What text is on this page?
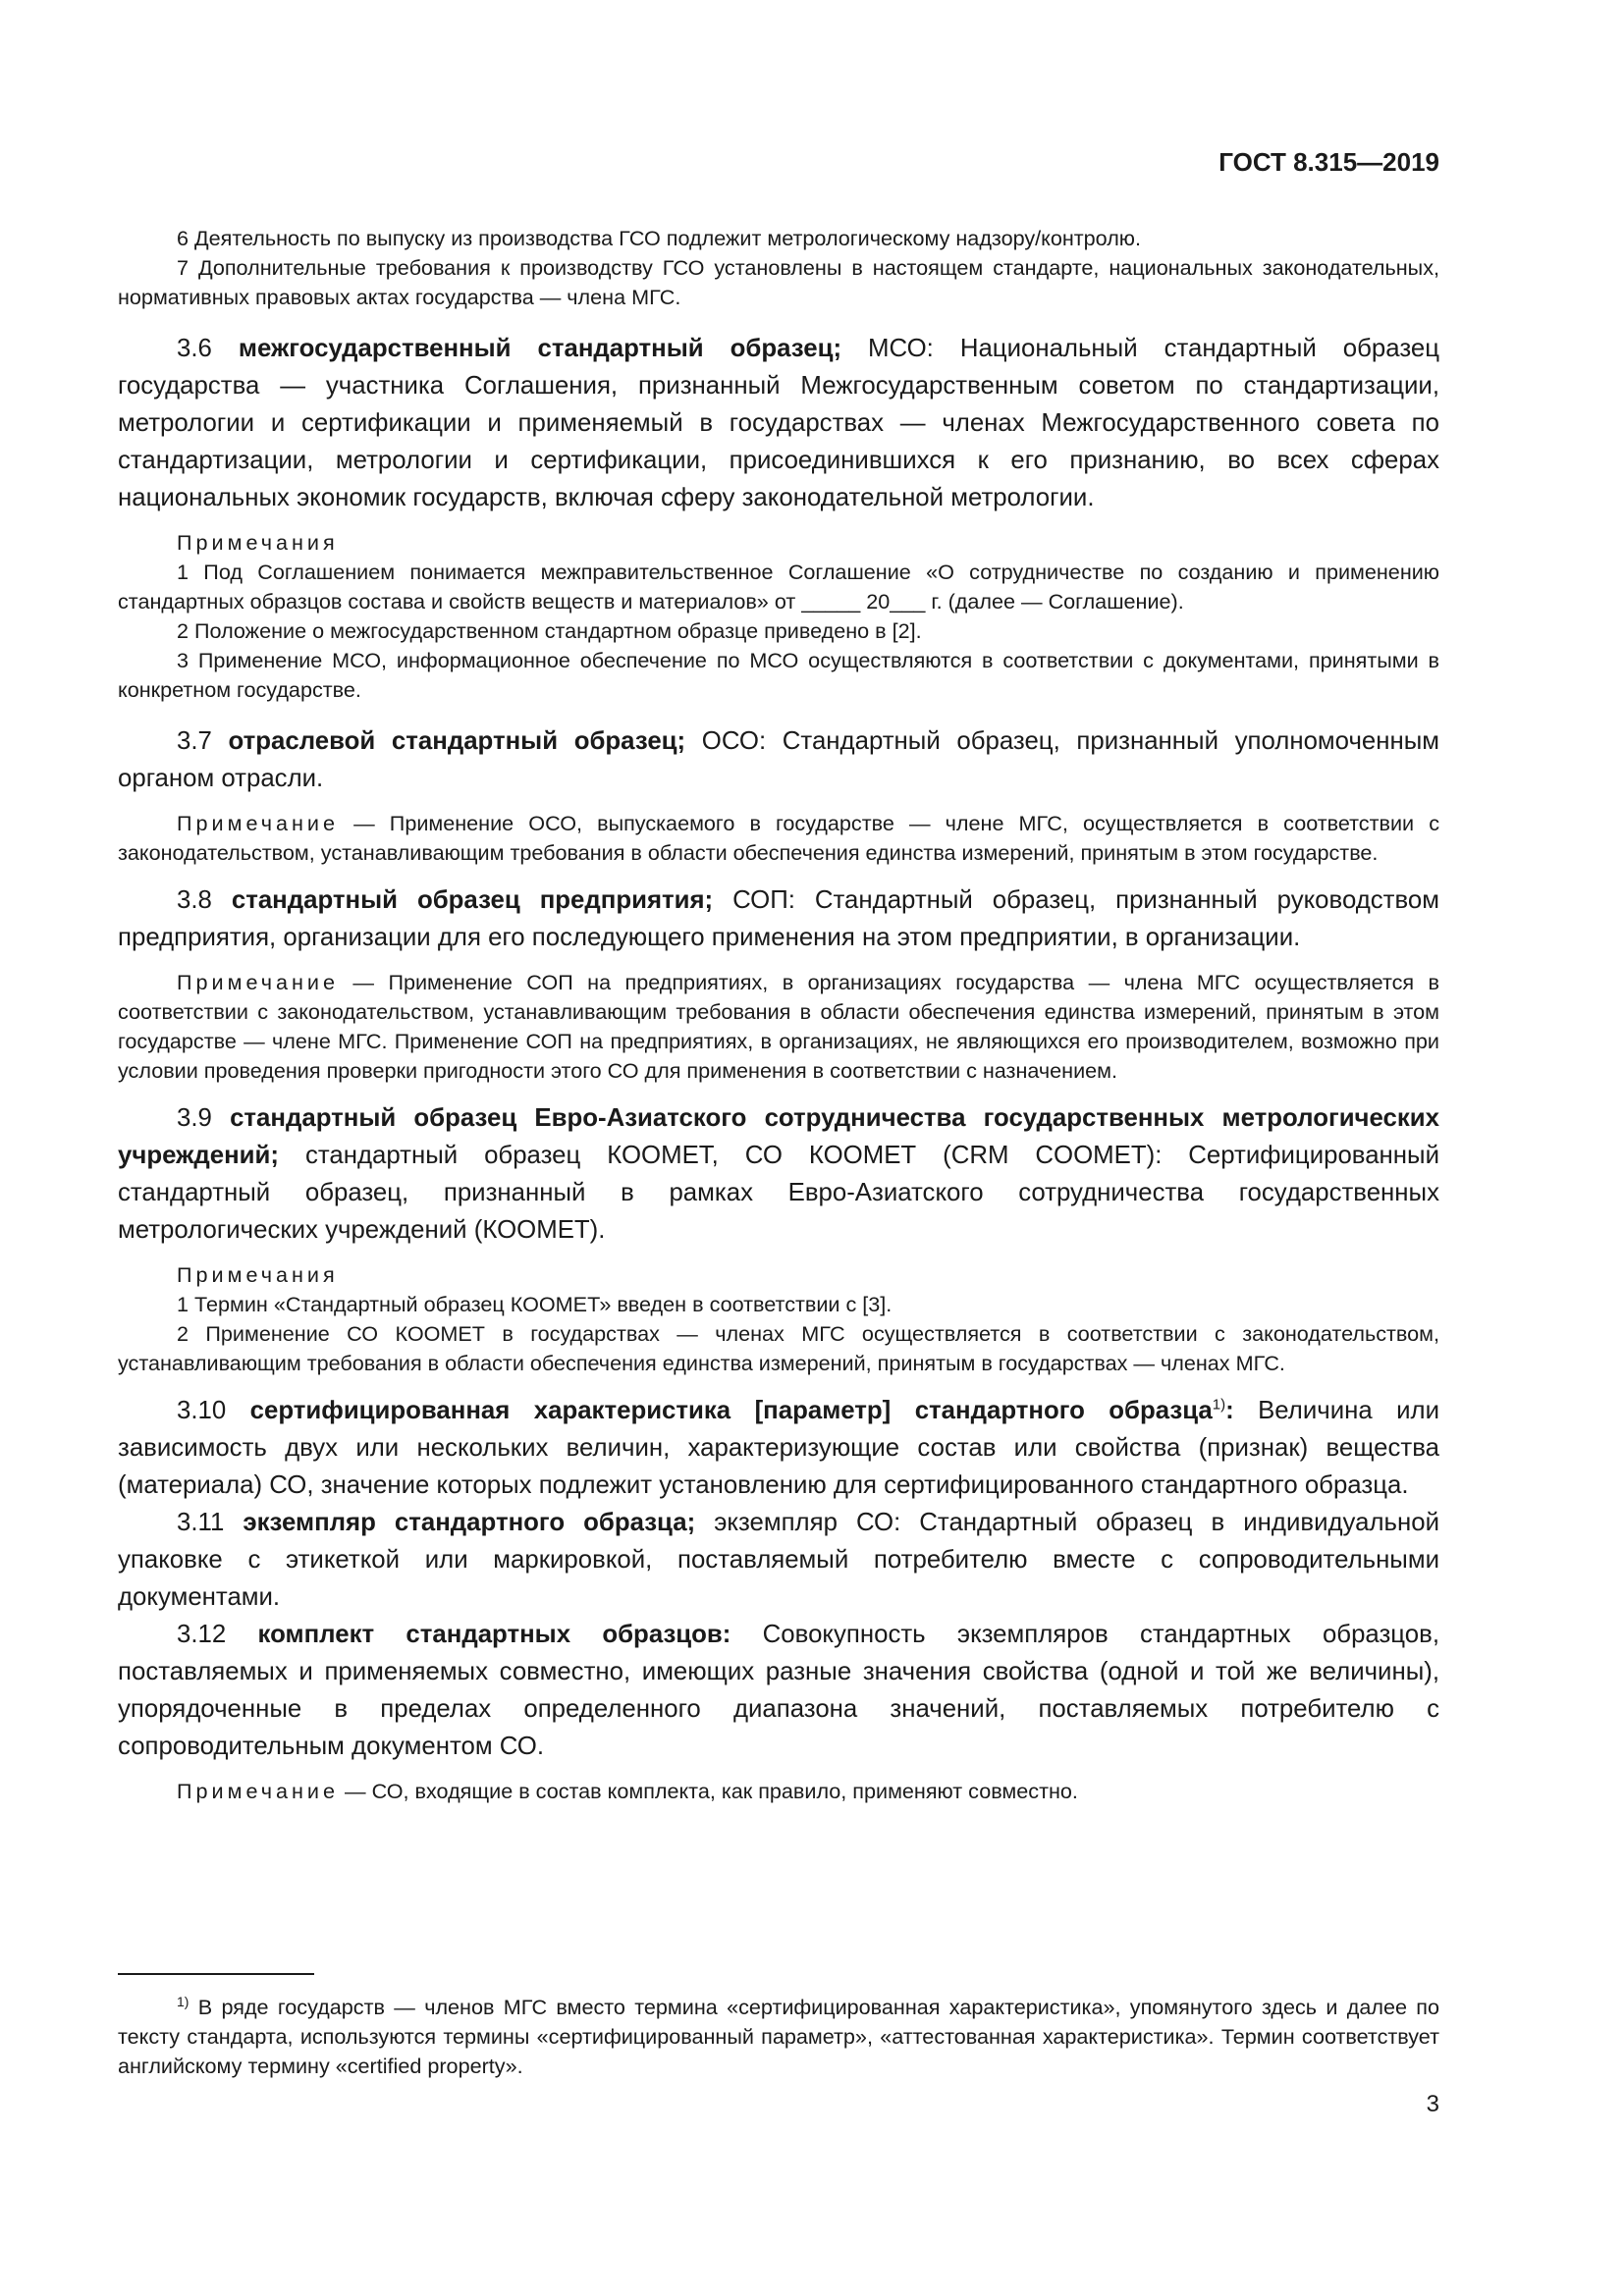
ГОСТ 8.315—2019

6 Деятельность по выпуску из производства ГСО подлежит метрологическому надзору/контролю.

7 Дополнительные требования к производству ГСО установлены в настоящем стандарте, национальных законодательных, нормативных правовых актах государства — члена МГС.

3.6 межгосударственный стандартный образец; МСО: Национальный стандартный образец государства — участника Соглашения, признанный Межгосударственным советом по стандартизации, метрологии и сертификации и применяемый в государствах — членах Межгосударственного совета по стандартизации, метрологии и сертификации, присоединившихся к его признанию, во всех сферах национальных экономик государств, включая сферу законодательной метрологии.

Примечания

1 Под Соглашением понимается межправительственное Соглашение «О сотрудничестве по созданию и применению стандартных образцов состава и свойств веществ и материалов» от _____ 20___ г. (далее — Соглашение).

2 Положение о межгосударственном стандартном образце приведено в [2].

3 Применение МСО, информационное обеспечение по МСО осуществляются в соответствии с документами, принятыми в конкретном государстве.

3.7 отраслевой стандартный образец; ОСО: Стандартный образец, признанный уполномоченным органом отрасли.

Примечание — Применение ОСО, выпускаемого в государстве — члене МГС, осуществляется в соответствии с законодательством, устанавливающим требования в области обеспечения единства измерений, принятым в этом государстве.

3.8 стандартный образец предприятия; СОП: Стандартный образец, признанный руководством предприятия, организации для его последующего применения на этом предприятии, в организации.

Примечание — Применение СОП на предприятиях, в организациях государства — члена МГС осуществляется в соответствии с законодательством, устанавливающим требования в области обеспечения единства измерений, принятым в этом государстве — члене МГС. Применение СОП на предприятиях, в организациях, не являющихся его производителем, возможно при условии проведения проверки пригодности этого СО для применения в соответствии с назначением.

3.9 стандартный образец Евро-Азиатского сотрудничества государственных метрологических учреждений; стандартный образец КООМЕТ, СО КООМЕТ (CRM COOMET): Сертифицированный стандартный образец, признанный в рамках Евро-Азиатского сотрудничества государственных метрологических учреждений (КООМЕТ).

Примечания

1 Термин «Стандартный образец КООМЕТ» введен в соответствии с [3].

2 Применение СО КООМЕТ в государствах — членах МГС осуществляется в соответствии с законодательством, устанавливающим требования в области обеспечения единства измерений, принятым в государствах — членах МГС.

3.10 сертифицированная характеристика [параметр] стандартного образца$^{1)}$: Величина или зависимость двух или нескольких величин, характеризующие состав или свойства (признак) вещества (материала) СО, значение которых подлежит установлению для сертифицированного стандартного образца.

3.11 экземпляр стандартного образца; экземпляр СО: Стандартный образец в индивидуальной упаковке с этикеткой или маркировкой, поставляемый потребителю вместе с сопроводительными документами.

3.12 комплект стандартных образцов: Совокупность экземпляров стандартных образцов, поставляемых и применяемых совместно, имеющих разные значения свойства (одной и той же величины), упорядоченные в пределах определенного диапазона значений, поставляемых потребителю с сопроводительным документом СО.

Примечание — СО, входящие в состав комплекта, как правило, применяют совместно.

$^{1)}$ В ряде государств — членов МГС вместо термина «сертифицированная характеристика», упомянутого здесь и далее по тексту стандарта, используются термины «сертифицированный параметр», «аттестованная характеристика». Термин соответствует английскому термину «certified property».

3
